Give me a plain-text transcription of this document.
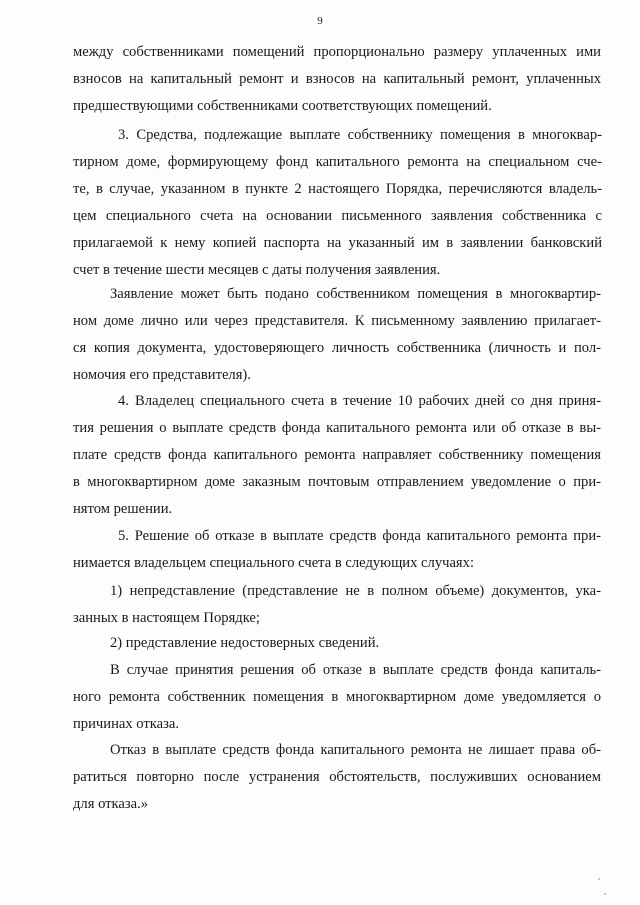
9
между собственниками помещений пропорционально размеру уплаченных ими
взносов на капитальный ремонт и взносов на капитальный ремонт, уплаченных
предшествующими собственниками соответствующих помещений.
3. Средства, подлежащие выплате собственнику помещения в многоквар-
тирном доме, формирующему фонд капитального ремонта на специальном сче-
те, в случае, указанном в пункте 2 настоящего Порядка, перечисляются владель-
цем специального счета на основании письменного заявления собственника с
прилагаемой к нему копией паспорта на указанный им в заявлении банковский
счет в течение шести месяцев с даты получения заявления.
Заявление может быть подано собственником помещения в многоквартир-
ном доме лично или через представителя. К письменному заявлению прилагает-
ся копия документа, удостоверяющего личность собственника (личность и пол-
номочия его представителя).
4. Владелец специального счета в течение 10 рабочих дней со дня приня-
тия решения о выплате средств фонда капитального ремонта или об отказе в вы-
плате средств фонда капитального ремонта направляет собственнику помещения
в многоквартирном доме заказным почтовым отправлением уведомление о при-
нятом решении.
5. Решение об отказе в выплате средств фонда капитального ремонта при-
нимается владельцем специального счета в следующих случаях:
1) непредставление (представление не в полном объеме) документов, ука-
занных в настоящем Порядке;
2) представление недостоверных сведений.
В случае принятия решения об отказе в выплате средств фонда капиталь-
ного ремонта собственник помещения в многоквартирном доме уведомляется о
причинах отказа.
Отказ в выплате средств фонда капитального ремонта не лишает права об-
ратиться повторно после устранения обстоятельств, послуживших основанием
для отказа.»
